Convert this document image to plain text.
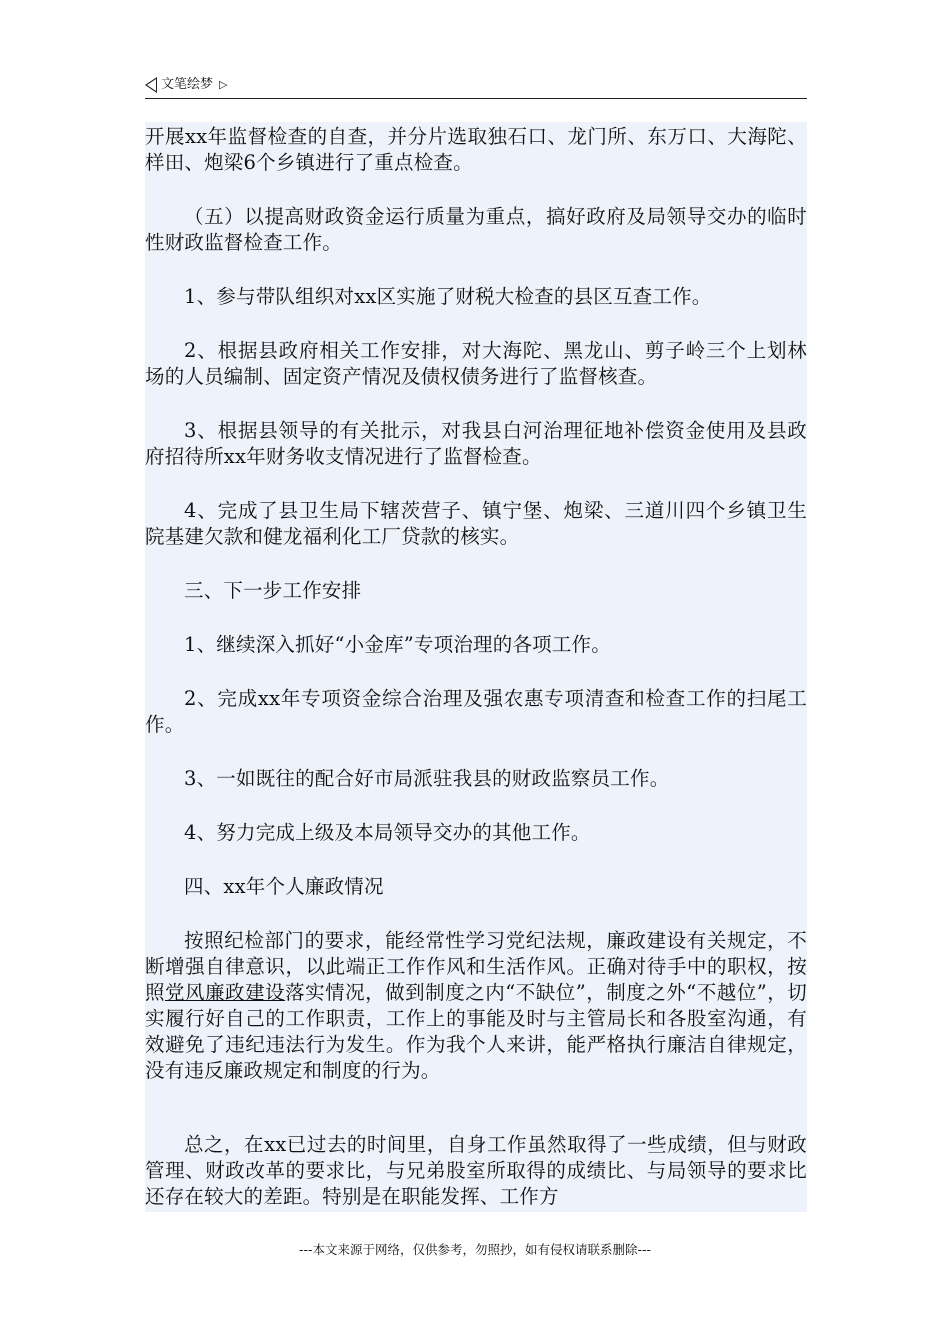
文笔绘梦 ▷

开展xx年监督检查的自查，并分片选取独石口、龙门所、东万口、大海陀、样田、炮梁6个乡镇进行了重点检查。

（五）以提高财政资金运行质量为重点，搞好政府及局领导交办的临时性财政监督检查工作。

1、参与带队组织对xx区实施了财税大检查的县区互查工作。

2、根据县政府相关工作安排，对大海陀、黑龙山、剪子岭三个上划林场的人员编制、固定资产情况及债权债务进行了监督核查。

3、根据县领导的有关批示，对我县白河治理征地补偿资金使用及县政府招待所xx年财务收支情况进行了监督检查。

4、完成了县卫生局下辖茨营子、镇宁堡、炮梁、三道川四个乡镇卫生院基建欠款和健龙福利化工厂贷款的核实。

三、下一步工作安排

1、继续深入抓好“小金库”专项治理的各项工作。

2、完成xx年专项资金综合治理及强农惠专项清查和检查工作的扫尾工作。

3、一如既往的配合好市局派驻我县的财政监察员工作。

4、努力完成上级及本局领导交办的其他工作。

四、xx年个人廉政情况

按照纪检部门的要求，能经常性学习党纪法规，廉政建设有关规定，不断增强自律意识，以此端正工作作风和生活作风。正确对待手中的职权，按照党风廉政建设落实情况，做到制度之内“不缺位”，制度之外“不越位”，切实履行好自己的工作职责，工作上的事能及时与主管局长和各股室沟通，有效避免了违纪违法行为发生。作为我个人来讲，能严格执行廉洁自律规定，没有违反廉政规定和制度的行为。

总之，在xx已过去的时间里，自身工作虽然取得了一些成绩，但与财政管理、财政改革的要求比，与兄弟股室所取得的成绩比、与局领导的要求比还存在较大的差距。特别是在职能发挥、工作方

---本文来源于网络，仅供参考，勿照抄，如有侵权请联系删除---
